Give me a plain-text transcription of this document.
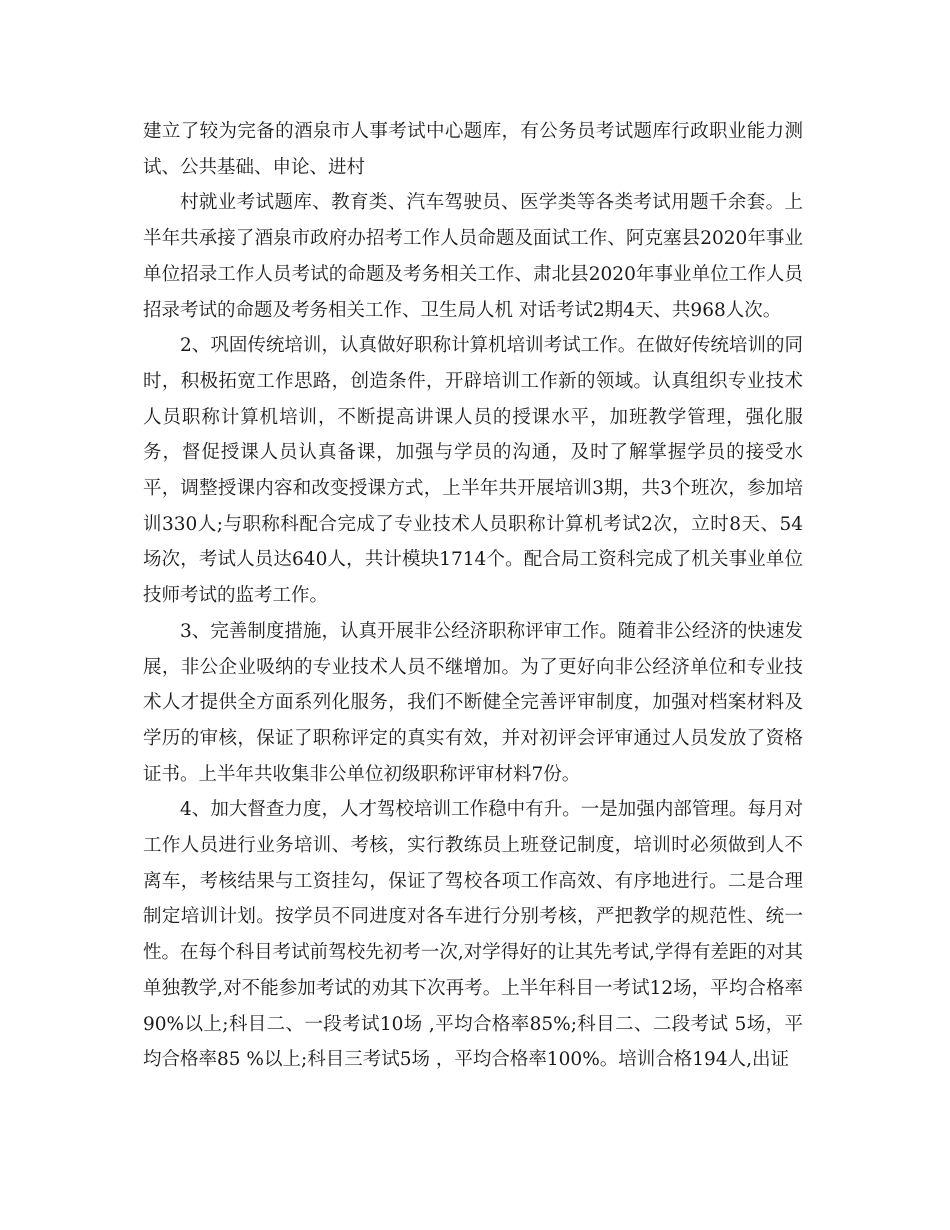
建立了较为完备的酒泉市人事考试中心题库，有公务员考试题库行政职业能力测试、公共基础、申论、进村

村就业考试题库、教育类、汽车驾驶员、医学类等各类考试用题千余套。上半年共承接了酒泉市政府办招考工作人员命题及面试工作、阿克塞县2020年事业单位招录工作人员考试的命题及考务相关工作、肃北县2020年事业单位工作人员招录考试的命题及考务相关工作、卫生局人机 对话考试2期4天、共968人次。

2、巩固传统培训，认真做好职称计算机培训考试工作。在做好传统培训的同时，积极拓宽工作思路，创造条件，开辟培训工作新的领域。认真组织专业技术人员职称计算机培训，不断提高讲课人员的授课水平，加班教学管理，强化服务，督促授课人员认真备课，加强与学员的沟通，及时了解掌握学员的接受水平，调整授课内容和改变授课方式，上半年共开展培训3期，共3个班次，参加培训330人;与职称科配合完成了专业技术人员职称计算机考试2次，立时8天、54场次，考试人员达640人，共计模块1714个。配合局工资科完成了机关事业单位技师考试的监考工作。

3、完善制度措施，认真开展非公经济职称评审工作。随着非公经济的快速发展，非公企业吸纳的专业技术人员不继增加。为了更好向非公经济单位和专业技术人才提供全方面系列化服务，我们不断健全完善评审制度，加强对档案材料及学历的审核，保证了职称评定的真实有效，并对初评会评审通过人员发放了资格证书。上半年共收集非公单位初级职称评审材料7份。

4、加大督查力度，人才驾校培训工作稳中有升。一是加强内部管理。每月对工作人员进行业务培训、考核，实行教练员上班登记制度，培训时必须做到人不离车，考核结果与工资挂勾，保证了驾校各项工作高效、有序地进行。二是合理制定培训计划。按学员不同进度对各车进行分别考核，严把教学的规范性、统一性。在每个科目考试前驾校先初考一次,对学得好的让其先考试,学得有差距的对其单独教学,对不能参加考试的劝其下次再考。上半年科目一考试12场，平均合格率90%以上;科目二、一段考试10场 ,平均合格率85%;科目二、二段考试 5场，平均合格率85 %以上;科目三考试5场 ，平均合格率100%。培训合格194人,出证
